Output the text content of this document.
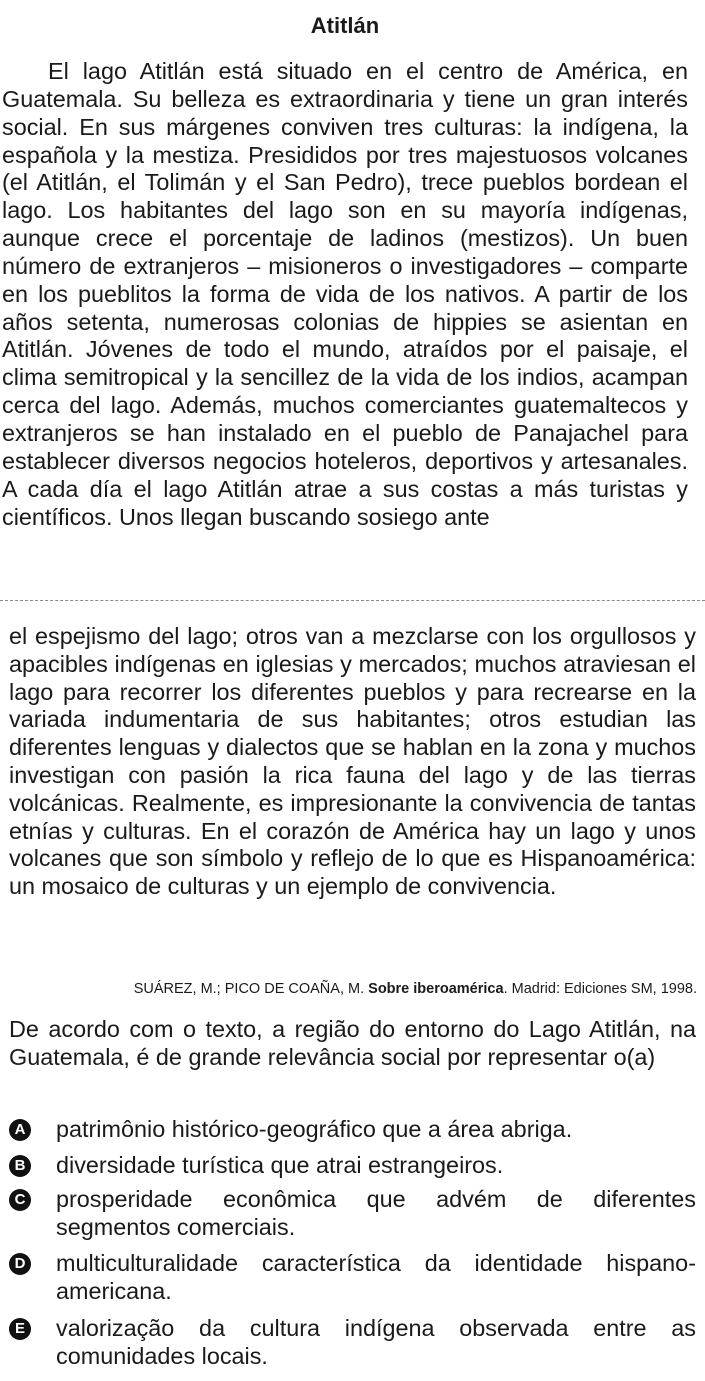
Atitlán

El lago Atitlán está situado en el centro de América, en Guatemala. Su belleza es extraordinaria y tiene un gran interés social. En sus márgenes conviven tres culturas: la indígena, la española y la mestiza. Presididos por tres majestuosos volcanes (el Atitlán, el Tolimán y el San Pedro), trece pueblos bordean el lago. Los habitantes del lago son en su mayoría indígenas, aunque crece el porcentaje de ladinos (mestizos). Un buen número de extranjeros – misioneros o investigadores – comparte en los pueblitos la forma de vida de los nativos. A partir de los años setenta, numerosas colonias de hippies se asientan en Atitlán. Jóvenes de todo el mundo, atraídos por el paisaje, el clima semitropical y la sencillez de la vida de los indios, acampan cerca del lago. Además, muchos comerciantes guatemaltecos y extranjeros se han instalado en el pueblo de Panajachel para establecer diversos negocios hoteleros, deportivos y artesanales. A cada día el lago Atitlán atrae a sus costas a más turistas y científicos. Unos llegan buscando sosiego ante

el espejismo del lago; otros van a mezclarse con los orgullosos y apacibles indígenas en iglesias y mercados; muchos atraviesan el lago para recorrer los diferentes pueblos y para recrearse en la variada indumentaria de sus habitantes; otros estudian las diferentes lenguas y dialectos que se hablan en la zona y muchos investigan con pasión la rica fauna del lago y de las tierras volcánicas. Realmente, es impresionante la convivencia de tantas etnías y culturas. En el corazón de América hay un lago y unos volcanes que son símbolo y reflejo de lo que es Hispanoamérica: un mosaico de culturas y un ejemplo de convivencia.

SUÁREZ, M.; PICO DE COAÑA, M. Sobre iberoamérica. Madrid: Ediciones SM, 1998.

De acordo com o texto, a região do entorno do Lago Atitlán, na Guatemala, é de grande relevância social por representar o(a)

A patrimônio histórico-geográfico que a área abriga.
B diversidade turística que atrai estrangeiros.
C prosperidade econômica que advém de diferentes segmentos comerciais.
D multiculturalidade característica da identidade hispano-americana.
E valorização da cultura indígena observada entre as comunidades locais.
